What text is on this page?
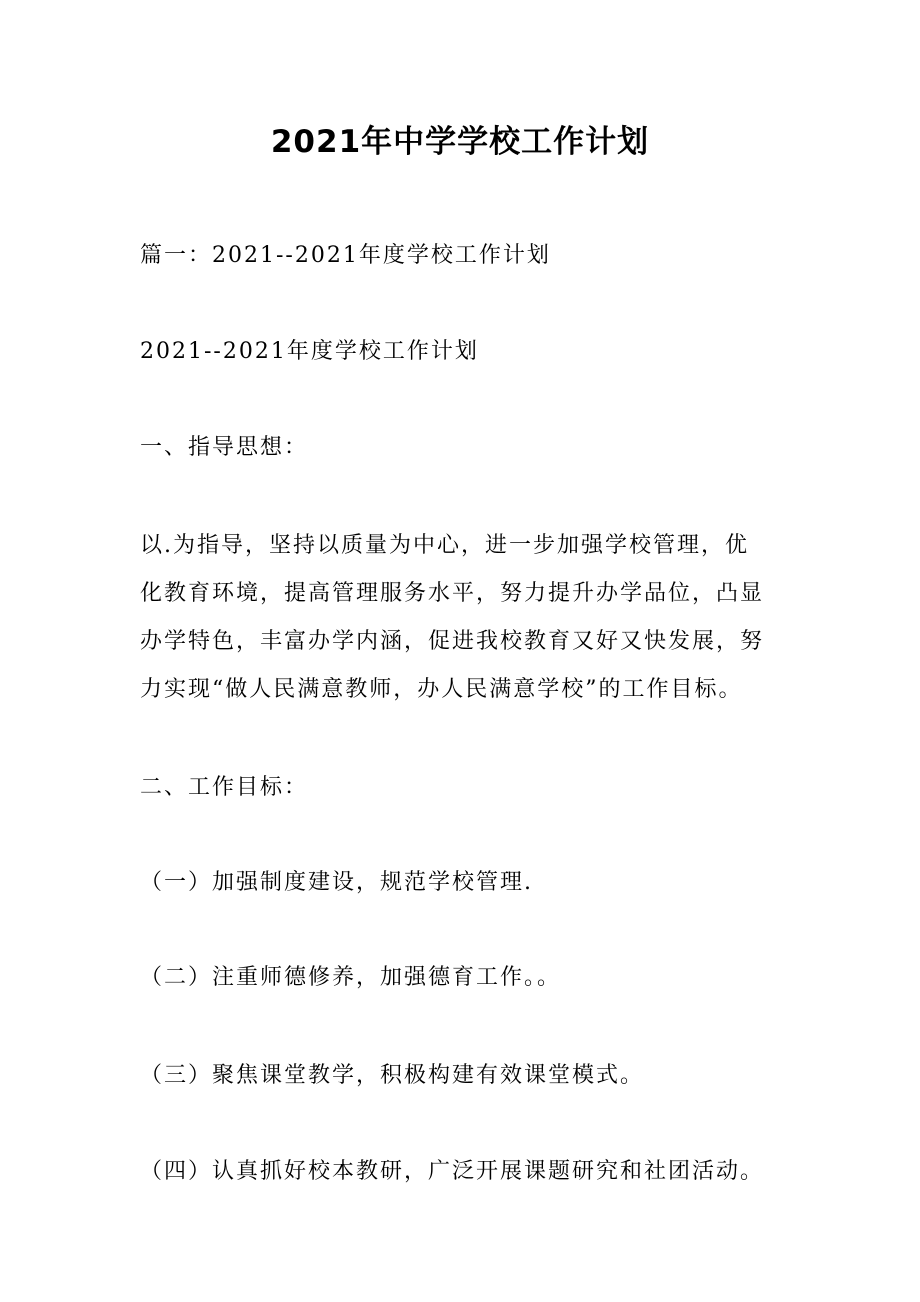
2021年中学学校工作计划

篇一：2021--2021年度学校工作计划

2021--2021年度学校工作计划

一、指导思想：

以.为指导，坚持以质量为中心，进一步加强学校管理，优
化教育环境，提高管理服务水平，努力提升办学品位，凸显
办学特色，丰富办学内涵，促进我校教育又好又快发展，努
力实现“做人民满意教师，办人民满意学校”的工作目标。

二、工作目标：

（一）加强制度建设，规范学校管理.

（二）注重师德修养，加强德育工作。。

（三）聚焦课堂教学，积极构建有效课堂模式。

（四）认真抓好校本教研，广泛开展课题研究和社团活动。
